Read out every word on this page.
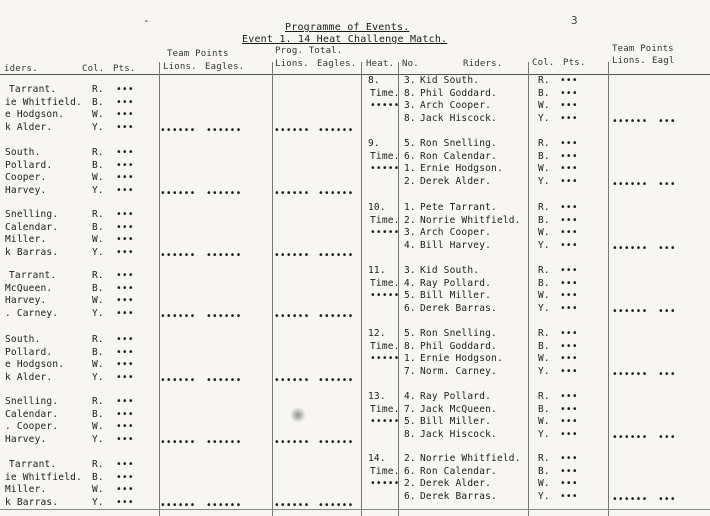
-	3
Programme of Events.
Event 1. 14 Heat Challenge Match.
Team Points	Prog. Total.	Team Points
iders.	Col. Pts.	Lions. Eagles.	Lions. Eagles. Heat. No.	Riders.	Col. Pts.	Lions. Eagl
Tarrant.	R. •••
ie Whitfield. B. •••
e Hodgson.	W. •••
k Alder.	Y. •••	•••••• ••••••	•••••• ••••••
South.	R. •••
Pollard.	B. •••
Cooper.	W. •••
Harvey.	Y. •••	•••••• ••••••	•••••• ••••••
Snelling.	R. •••
Calendar.	B. •••
Miller.	W. •••
k Barras.	Y. •••	•••••• ••••••	•••••• ••••••
Tarrant.	R. •••
McQueen.	B. •••
Harvey.	W. •••
. Carney.	Y. •••	•••••• ••••••	•••••• ••••••
South.	R. •••
Pollard.	B. •••
e Hodgson.	W. •••
k Alder.	Y. •••	•••••• ••••••	•••••• ••••••
Snelling.	R. •••
Calendar.	B. •••
. Cooper.	W. •••
Harvey.	Y. •••	•••••• ••••••	•••••• ••••••
Tarrant.	R. •••
ie Whitfield. B. •••
Miller.	W. •••
k Barras.	Y. •••	•••••• ••••••	•••••• ••••••
8.
Time.
•••••
3. Kid South.	R. •••
8. Phil Goddard.	B. •••
3. Arch Cooper.	W. •••
8. Jack Hiscock.	Y. •••	•••••• •••
9.
Time.
•••••
5. Ron Snelling.	R. •••
6. Ron Calendar.	B. •••
1. Ernie Hodgson.	W. •••
2. Derek Alder.	Y. •••	•••••• •••
10.
Time.
•••••
1. Pete Tarrant.	R. •••
2. Norrie Whitfield. B. •••
3. Arch Cooper.	W. •••
4. Bill Harvey.	Y. •••	•••••• •••
11.
Time.
•••••
3. Kid South.	R. •••
4. Ray Pollard.	B. •••
5. Bill Miller.	W. •••
6. Derek Barras.	Y. •••	•••••• •••
12.
Time.
•••••
5. Ron Snelling.	R. •••
8. Phil Goddard.	B. •••
1. Ernie Hodgson.	W. •••
7. Norm. Carney.	Y. •••	•••••• •••
13.
Time.
•••••
4. Ray Pollard.	R. •••
7. Jack McQueen.	B. •••
5. Bill Miller.	W. •••
8. Jack Hiscock.	Y. •••	•••••• •••
14.
Time.
•••••
2. Norrie Whitfield. R. •••
6. Ron Calendar.	B. •••
2. Derek Alder.	W. •••
6. Derek Barras.	Y. •••	•••••• •••
